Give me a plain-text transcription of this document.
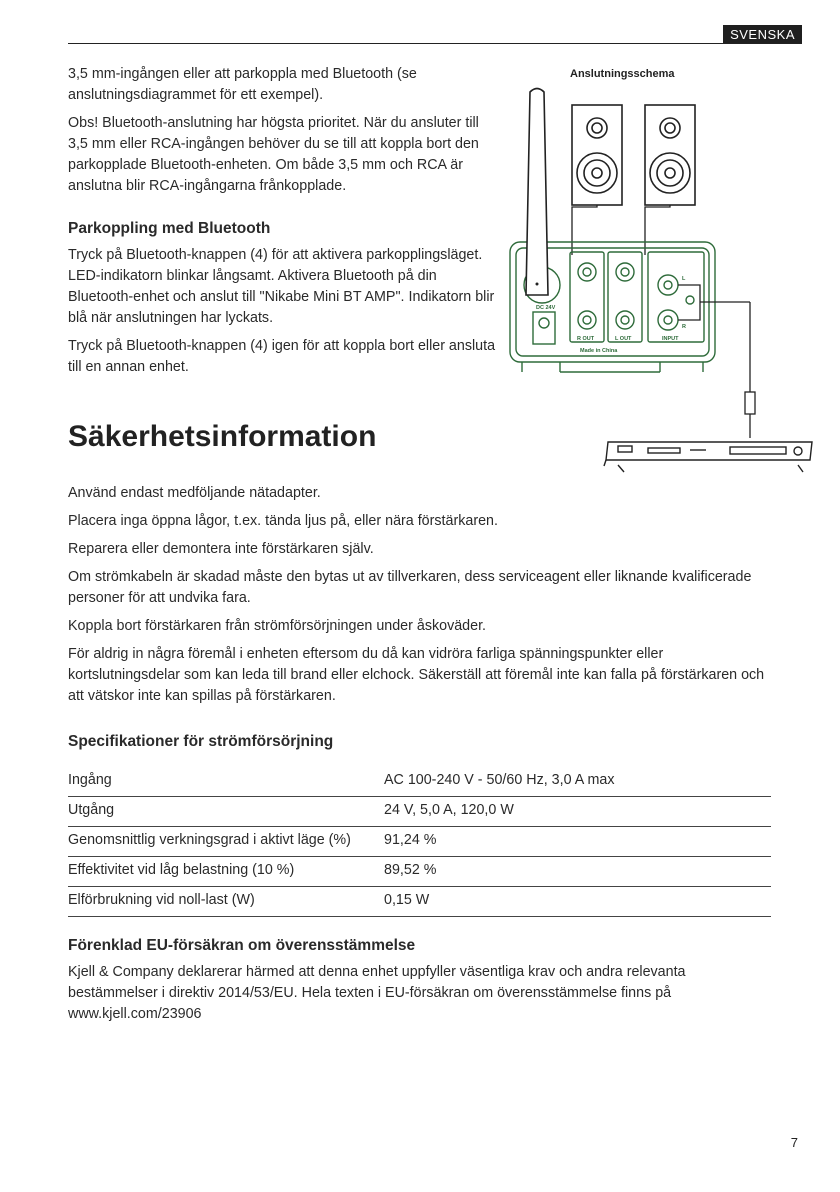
SVENSKA

3,5 mm-ingången eller att parkoppla med Bluetooth (se anslutningsdiagrammet för ett exempel).

Obs! Bluetooth-anslutning har högsta prioritet. När du ansluter till 3,5 mm eller RCA-ingången behöver du se till att koppla bort den parkopplade Bluetooth-enheten. Om både 3,5 mm och RCA är anslutna blir RCA-ingångarna frånkopplade.

Parkoppling med Bluetooth

Tryck på Bluetooth-knappen (4) för att aktivera parkopplingsläget. LED-indikatorn blinkar långsamt. Aktivera Bluetooth på din Bluetooth-enhet och anslut till "Nikabe Mini BT AMP". Indikatorn blir blå när anslutningen har lyckats.

Tryck på Bluetooth-knappen (4) igen för att koppla bort eller ansluta till en annan enhet.

Anslutningsschema
DC 24V
R OUT	L OUT	INPUT
L
R
Made in China
Säkerhetsinformation

Använd endast medföljande nätadapter.

Placera inga öppna lågor, t.ex. tända ljus på, eller nära förstärkaren.

Reparera eller demontera inte förstärkaren själv.

Om strömkabeln är skadad måste den bytas ut av tillverkaren, dess serviceagent eller liknande kvalificerade personer för att undvika fara.

Koppla bort förstärkaren från strömförsörjningen under åskoväder.

För aldrig in några föremål i enheten eftersom du då kan vidröra farliga spänningspunkter eller kortslutningsdelar som kan leda till brand eller elchock. Säkerställ att föremål inte kan falla på förstärkaren och att vätskor inte kan spillas på förstärkaren.

Specifikationer för strömförsörjning
Ingång	AC 100-240 V - 50/60 Hz, 3,0 A max
Utgång	24 V, 5,0 A, 120,0 W
Genomsnittlig verkningsgrad i aktivt läge (%)	91,24 %
Effektivitet vid låg belastning (10 %)	89,52 %
Elförbrukning vid noll-last (W)	0,15 W
Förenklad EU-försäkran om överensstämmelse

Kjell & Company deklarerar härmed att denna enhet uppfyller väsentliga krav och andra relevanta bestämmelser i direktiv 2014/53/EU. Hela texten i EU-försäkran om överensstämmelse finns på www.kjell.com/23906

7
